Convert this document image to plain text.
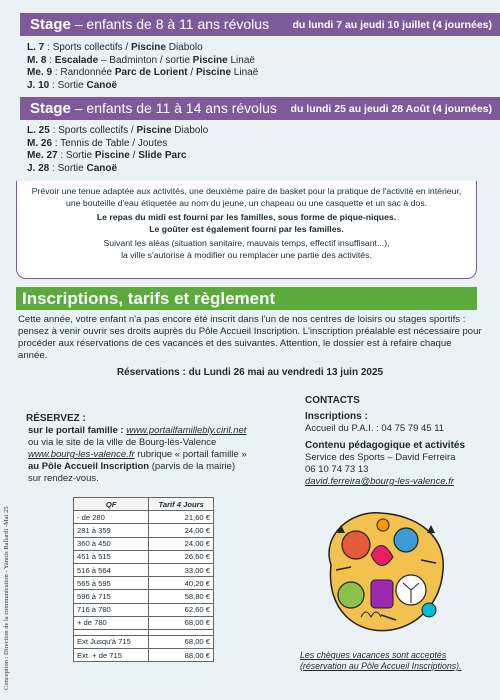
Stage – enfants de 8 à 11 ans révolus du lundi 7 au jeudi 10 juillet (4 journées)
L. 7 : Sports collectifs / Piscine Diabolo
M. 8 : Escalade – Badminton / sortie Piscine Linaë
Me. 9 : Randonnée Parc de Lorient / Piscine Linaë
J. 10 : Sortie Canoë
Stage – enfants de 11 à 14 ans révolus du lundi 25 au jeudi 28 Août (4 journées)
L. 25 : Sports collectifs / Piscine Diabolo
M. 26 : Tennis de Table / Joutes
Me. 27 : Sortie Piscine / Slide Parc
J. 28 : Sortie Canoë

Prévoir une tenue adaptée aux activités, une deuxième paire de basket pour la pratique de l'activité en intérieur, une bouteille d'eau étiquetée au nom du jeune, un chapeau ou une casquette et un sac à dos.

Le repas du midi est fourni par les familles, sous forme de pique-niques.
Le goûter est également fourni par les familles.

Suivant les aléas (situation sanitaire, mauvais temps, effectif insuffisant...),
la ville s'autorise à modifier ou remplacer une partie des activités.

Inscriptions, tarifs et règlement
Cette année, votre enfant n'a pas encore été inscrit dans l'un de nos centres de loisirs ou stages sportifs : pensez à venir ouvrir ses droits auprès du Pôle Accueil Inscription. L'inscription préalable est nécessaire pour procéder aux réservations de ces vacances et des suivantes. Attention, le dossier est à refaire chaque année.
Réservations : du Lundi 26 mai au vendredi 13 juin 2025
RÉSERVEZ :
sur le portail famille : www.portailfamillebly.ciril.net
ou via le site de la ville de Bourg-lès-Valence
www.bourg-les-valence.fr rubrique « portail famille »
au Pôle Accueil Inscription (parvis de la mairie)
sur rendez-vous.
CONTACTS
Inscriptions :
Accueil du P.A.I. : 04 75 79 45 11
Contenu pédagogique et activités
Service des Sports – David Ferreira
06 10 74 73 13
david.ferreira@bourg-les-valence.fr
QF	Tarif 4 Jours
- de 280	21,60 €
281 à 359	24,00 €
360 à 450	24,00 €
451 à 515	26,60 €
516 à 564	33,00 €
565 à 595	40,20 €
596 à 715	58,80 €
716 à 780	62,60 €
+ de 780	68,00 €

Ext Jusqu'à 715	68,00 €
Ext. + de 715	88,00 €	Les chèques vacances sont acceptés (réservation au Pôle Accueil Inscriptions).
Conception : Direction de la communication - Yannis Ballardi -Mai 25
